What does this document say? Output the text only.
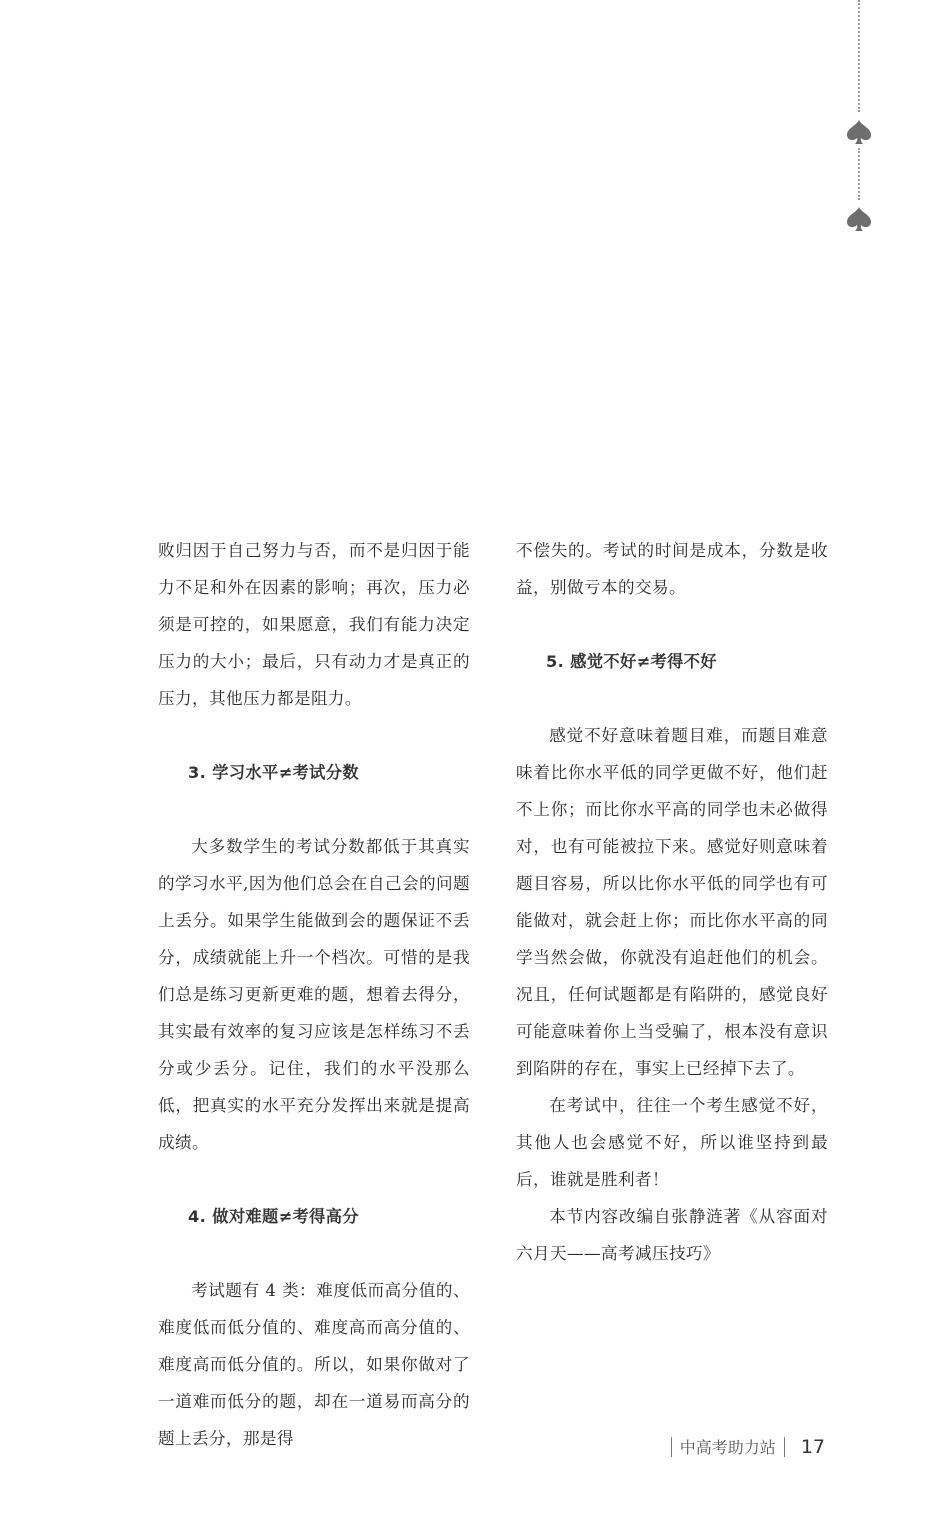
败归因于自己努力与否，而不是归因于能力不足和外在因素的影响；再次，压力必须是可控的，如果愿意，我们有能力决定压力的大小；最后，只有动力才是真正的压力，其他压力都是阻力。

3. 学习水平≠考试分数

大多数学生的考试分数都低于其真实的学习水平,因为他们总会在自己会的问题上丢分。如果学生能做到会的题保证不丢分，成绩就能上升一个档次。可惜的是我们总是练习更新更难的题，想着去得分，其实最有效率的复习应该是怎样练习不丢分或少丢分。记住，我们的水平没那么低，把真实的水平充分发挥出来就是提高成绩。

4. 做对难题≠考得高分

考试题有 4 类：难度低而高分值的、难度低而低分值的、难度高而高分值的、难度高而低分值的。所以，如果你做对了一道难而低分的题，却在一道易而高分的题上丢分，那是得

不偿失的。考试的时间是成本，分数是收益，别做亏本的交易。

5. 感觉不好≠考得不好

感觉不好意味着题目难，而题目难意味着比你水平低的同学更做不好，他们赶不上你；而比你水平高的同学也未必做得对，也有可能被拉下来。感觉好则意味着题目容易，所以比你水平低的同学也有可能做对，就会赶上你；而比你水平高的同学当然会做，你就没有追赶他们的机会。况且，任何试题都是有陷阱的，感觉良好可能意味着你上当受骗了，根本没有意识到陷阱的存在，事实上已经掉下去了。

在考试中，往往一个考生感觉不好，其他人也会感觉不好，所以谁坚持到最后，谁就是胜利者！

本节内容改编自张静涟著《从容面对六月天——高考减压技巧》

中高考助力站 17
